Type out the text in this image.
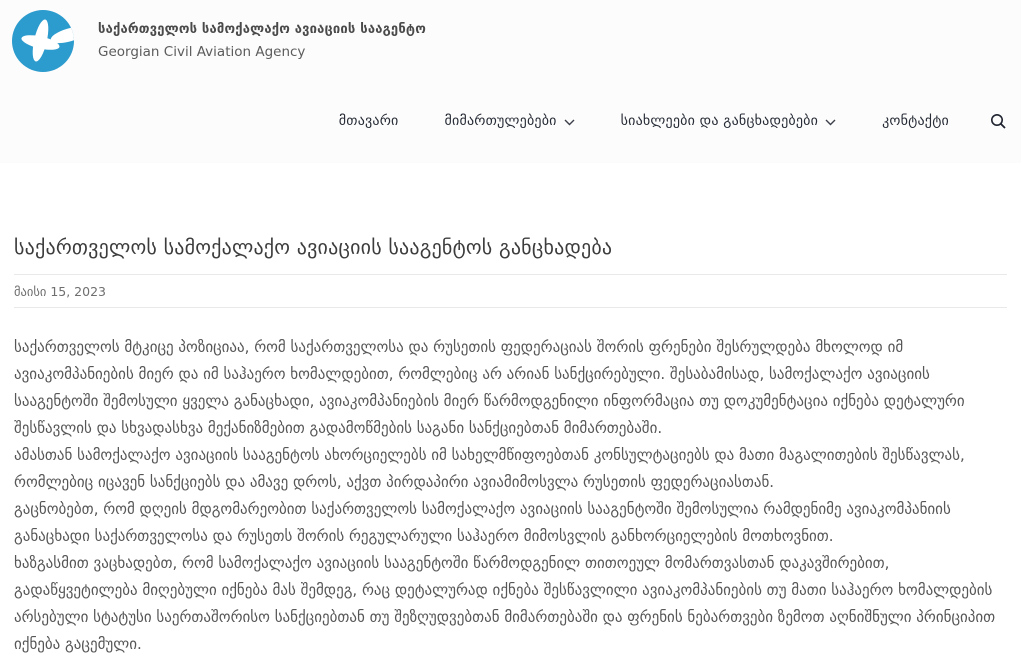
საქართველოს სამოქალაქო ავიაციის სააგენტო
Georgian Civil Aviation Agency
მთავარი	მიმართულებები	სიახლეები და განცხადებები	კონტაქტი
საქართველოს სამოქალაქო ავიაციის სააგენტოს განცხადება
მაისი 15, 2023

საქართველოს მტკიცე პოზიციაა, რომ საქართველოსა და რუსეთის ფედერაციას შორის ფრენები შესრულდება მხოლოდ იმ ავიაკომპანიების მიერ და იმ საჰაერო ხომალდებით, რომლებიც არ არიან სანქცირებული. შესაბამისად, სამოქალაქო ავიაციის სააგენტოში შემოსული ყველა განაცხადი, ავიაკომპანიების მიერ წარმოდგენილი ინფორმაცია თუ დოკუმენტაცია იქნება დეტალური შესწავლის და სხვადასხვა მექანიზმებით გადამოწმების საგანი სანქციებთან მიმართებაში.

ამასთან სამოქალაქო ავიაციის სააგენტოს ახორციელებს იმ სახელმწიფოებთან კონსულტაციებს და მათი მაგალითების შესწავლას, რომლებიც იცავენ სანქციებს და ამავე დროს, აქვთ პირდაპირი ავიამიმოსვლა რუსეთის ფედერაციასთან.

გაცნობებთ, რომ დღეის მდგომარეობით საქართველოს სამოქალაქო ავიაციის სააგენტოში შემოსულია რამდენიმე ავიაკომპანიის განაცხადი საქართველოსა და რუსეთს შორის რეგულარული საჰაერო მიმოსვლის განხორციელების მოთხოვნით.

ხაზგასმით ვაცხადებთ, რომ სამოქალაქო ავიაციის სააგენტოში წარმოდგენილ თითოეულ მომართვასთან დაკავშირებით, გადაწყვეტილება მიღებული იქნება მას შემდეგ, რაც დეტალურად იქნება შესწავლილი ავიაკომპანიების თუ მათი საჰაერო ხომალდების არსებული სტატუსი საერთაშორისო სანქციებთან თუ შეზღუდვებთან მიმართებაში და ფრენის ნებართვები ზემოთ აღნიშნული პრინციპით იქნება გაცემული.
